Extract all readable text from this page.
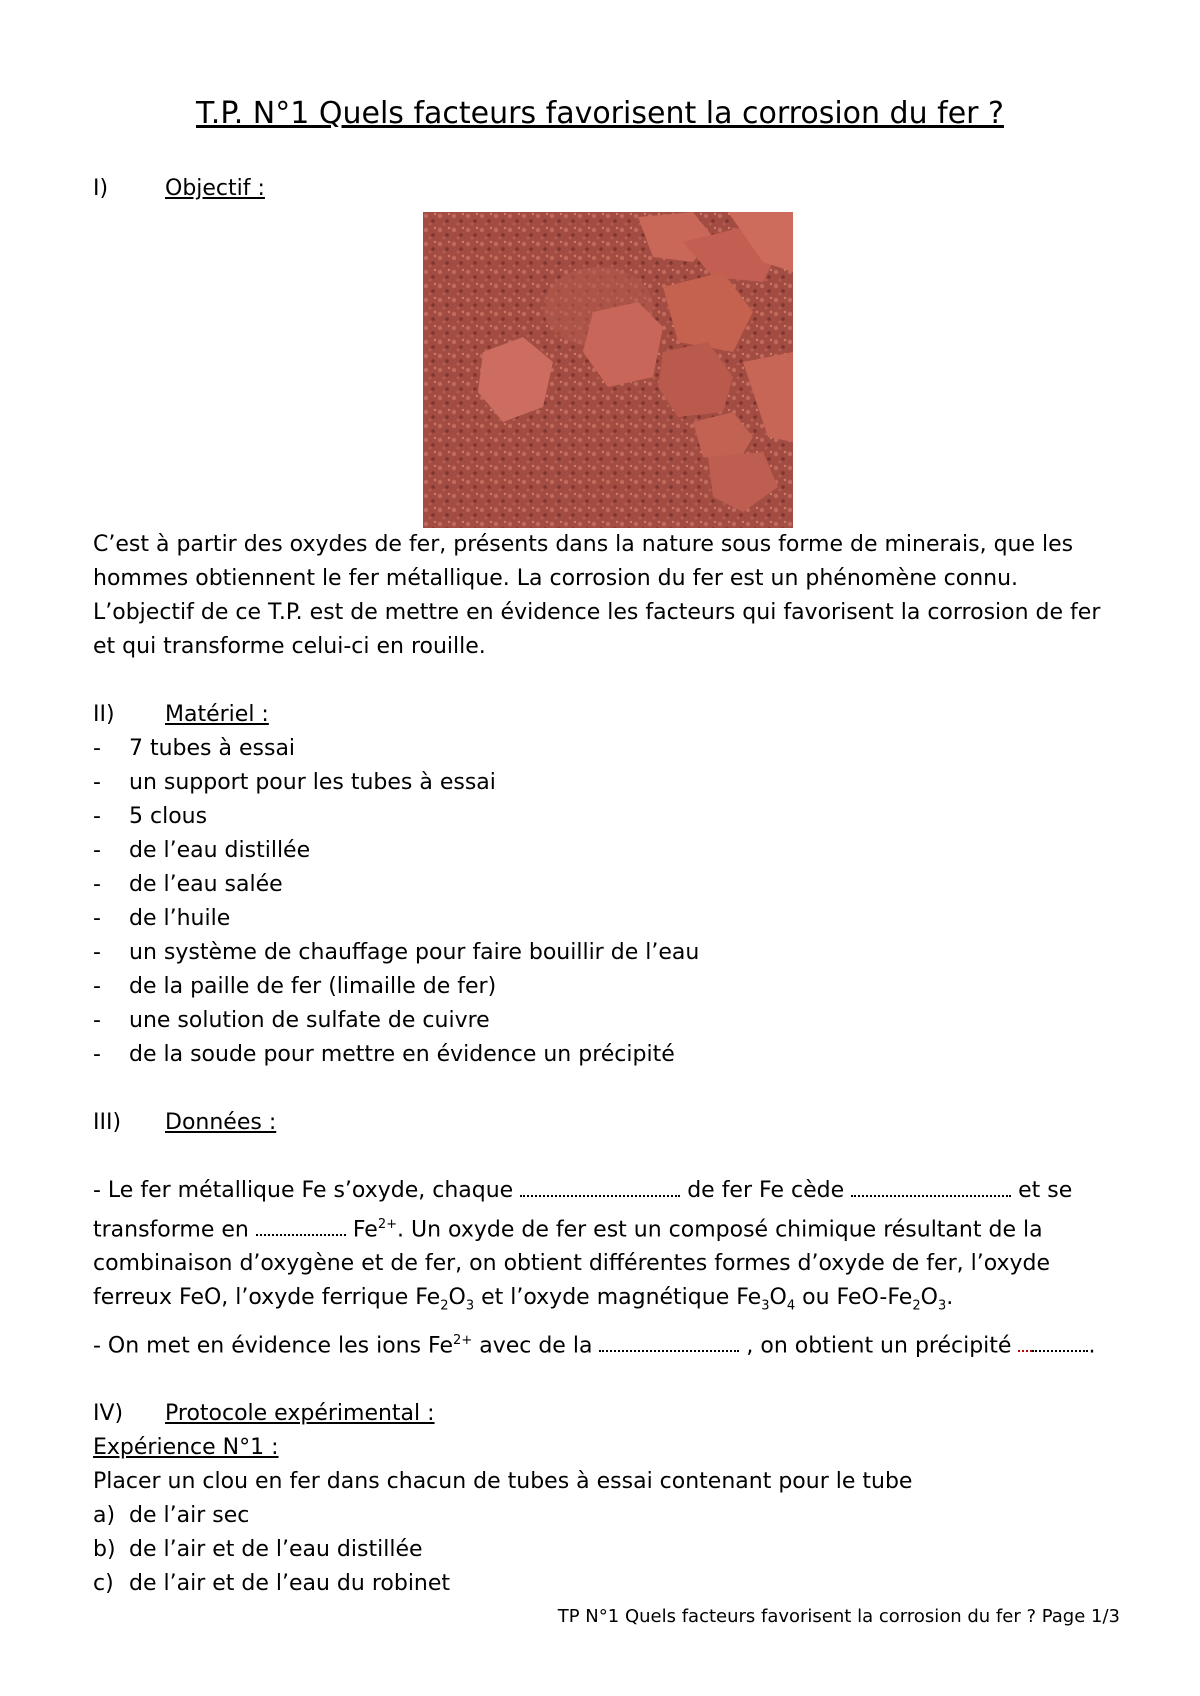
T.P. N°1 Quels facteurs favorisent la corrosion du fer ?
I)	Objectif :

C’est à partir des oxydes de fer, présents dans la nature sous forme de minerais, que les hommes obtiennent le fer métallique. La corrosion du fer est un phénomène connu. L’objectif de ce T.P. est de mettre en évidence les facteurs qui favorisent la corrosion de fer et qui transforme celui-ci en rouille.

II)	Matériel :
-	7 tubes à essai
-	un support pour les tubes à essai
-	5 clous
-	de l’eau distillée
-	de l’eau salée
-	de l’huile
-	un système de chauffage pour faire bouillir de l’eau
-	de la paille de fer (limaille de fer)
-	une solution de sulfate de cuivre
-	de la soude pour mettre en évidence un précipité
III)	Données :

- Le fer métallique Fe s’oxyde, chaque	de fer Fe cède	et se transforme en	$Fe^{2+}$. Un oxyde de fer est un composé chimique résultant de la combinaison d’oxygène et de fer, on obtient différentes formes d’oxyde de fer, l’oxyde ferreux FeO, l’oxyde ferrique $Fe_2O_3$ et l’oxyde magnétique $Fe_3O_4$ ou FeO-$Fe_2O_3$.

- On met en évidence les ions $Fe^{2+}$ avec de la	, on obtient un précipité	.

IV)	Protocole expérimental :
Expérience N°1 :
Placer un clou en fer dans chacun de tubes à essai contenant pour le tube
a) de l’air sec
b) de l’air et de l’eau distillée
c) de l’air et de l’eau du robinet
TP N°1 Quels facteurs favorisent la corrosion du fer ? Page 1/3
